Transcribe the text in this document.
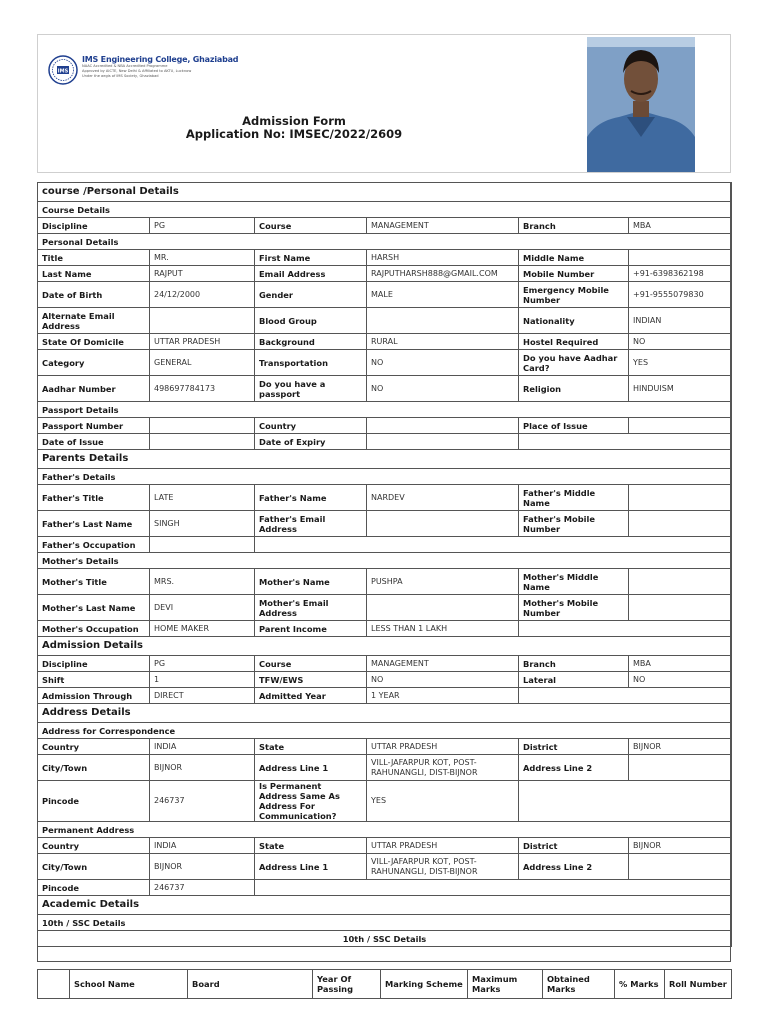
IMS
IMS Engineering College, Ghaziabad
NAAC Accredited & NBA Accredited Programme
Approved by AICTE, New Delhi & Affiliated to AKTU, Lucknow
Under the aegis of IMS Society, Ghaziabad
Admission Form
Application No: IMSEC/2022/2609
course /Personal Details					
Course Details					
Discipline	PG	Course	MANAGEMENT	Branch	MBA
Personal Details					
Title	MR.	First Name	HARSH	Middle Name	
Last Name	RAJPUT	Email Address	RAJPUTHARSH888@GMAIL.COM	Mobile Number	+91-6398362198
Date of Birth	24/12/2000	Gender	MALE	Emergency Mobile Number	+91-9555079830
Alternate Email Address		Blood Group		Nationality	INDIAN
State Of Domicile	UTTAR PRADESH	Background	RURAL	Hostel Required	NO
Category	GENERAL	Transportation	NO	Do you have Aadhar Card?	YES
Aadhar Number	498697784173	Do you have a passport	NO	Religion	HINDUISM
Passport Details					
Passport Number		Country		Place of Issue	
Date of Issue		Date of Expiry			
Parents Details					
Father's Details					
Father's Title	LATE	Father's Name	NARDEV	Father's Middle Name	
Father's Last Name	SINGH	Father's Email Address		Father's Mobile Number	
Father's Occupation					
Mother's Details					
Mother's Title	MRS.	Mother's Name	PUSHPA	Mother's Middle Name	
Mother's Last Name	DEVI	Mother's Email Address		Mother's Mobile Number	
Mother's Occupation	HOME MAKER	Parent Income	LESS THAN 1 LAKH		
Admission Details					
Discipline	PG	Course	MANAGEMENT	Branch	MBA
Shift	1	TFW/EWS	NO	Lateral	NO
Admission Through	DIRECT	Admitted Year	1 YEAR		
Address Details					
Address for Correspondence					
Country	INDIA	State	UTTAR PRADESH	District	BIJNOR
City/Town	BIJNOR	Address Line 1	VILL-JAFARPUR KOT, POST-RAHUNANGLI, DIST-BIJNOR	Address Line 2	
Pincode	246737	Is Permanent Address Same As Address For Communication?	YES		
Permanent Address					
Country	INDIA	State	UTTAR PRADESH	District	BIJNOR
City/Town	BIJNOR	Address Line 1	VILL-JAFARPUR KOT, POST-RAHUNANGLI, DIST-BIJNOR	Address Line 2	
Pincode	246737				
Academic Details					
10th / SSC Details					
10th / SSC Details					
	School Name	Board	Year Of Passing	Marking Scheme	Maximum Marks	Obtained Marks	% Marks	Roll Number
